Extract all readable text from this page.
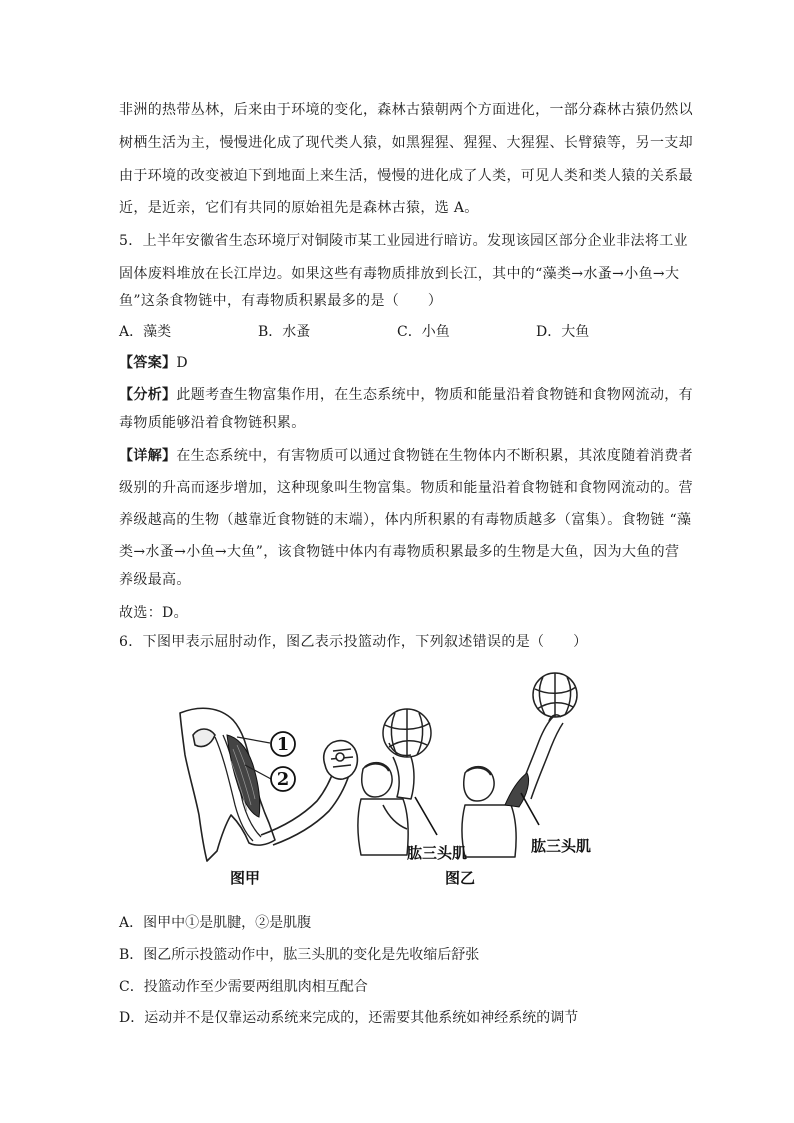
非洲的热带丛林，后来由于环境的变化，森林古猿朝两个方面进化，一部分森林古猿仍然以
树栖生活为主，慢慢进化成了现代类人猿，如黑猩猩、猩猩、大猩猩、长臂猿等，另一支却
由于环境的改变被迫下到地面上来生活，慢慢的进化成了人类，可见人类和类人猿的关系最
近，是近亲，它们有共同的原始祖先是森林古猿，选 A。
5．上半年安徽省生态环境厅对铜陵市某工业园进行暗访。发现该园区部分企业非法将工业
固体废料堆放在长江岸边。如果这些有毒物质排放到长江，其中的“藻类→水蚤→小鱼→大
鱼”这条食物链中，有毒物质积累最多的是（　　）
A．藻类	B．水蚤	C．小鱼	D．大鱼
【答案】D
【分析】此题考查生物富集作用，在生态系统中，物质和能量沿着食物链和食物网流动，有
毒物质能够沿着食物链积累。
【详解】在生态系统中，有害物质可以通过食物链在生物体内不断积累，其浓度随着消费者
级别的升高而逐步增加，这种现象叫生物富集。物质和能量沿着食物链和食物网流动的。营
养级越高的生物（越靠近食物链的末端），体内所积累的有毒物质越多（富集）。食物链 “藻
类→水蚤→小鱼→大鱼”，该食物链中体内有毒物质积累最多的生物是大鱼，因为大鱼的营
养级最高。
故选：D。
6．下图甲表示屈肘动作，图乙表示投篮动作，下列叙述错误的是（　　）
1
2
肱三头肌	肱三头肌
图甲	图乙
A．图甲中①是肌腱，②是肌腹
B．图乙所示投篮动作中，肱三头肌的变化是先收缩后舒张
C．投篮动作至少需要两组肌肉相互配合
D．运动并不是仅靠运动系统来完成的，还需要其他系统如神经系统的调节
